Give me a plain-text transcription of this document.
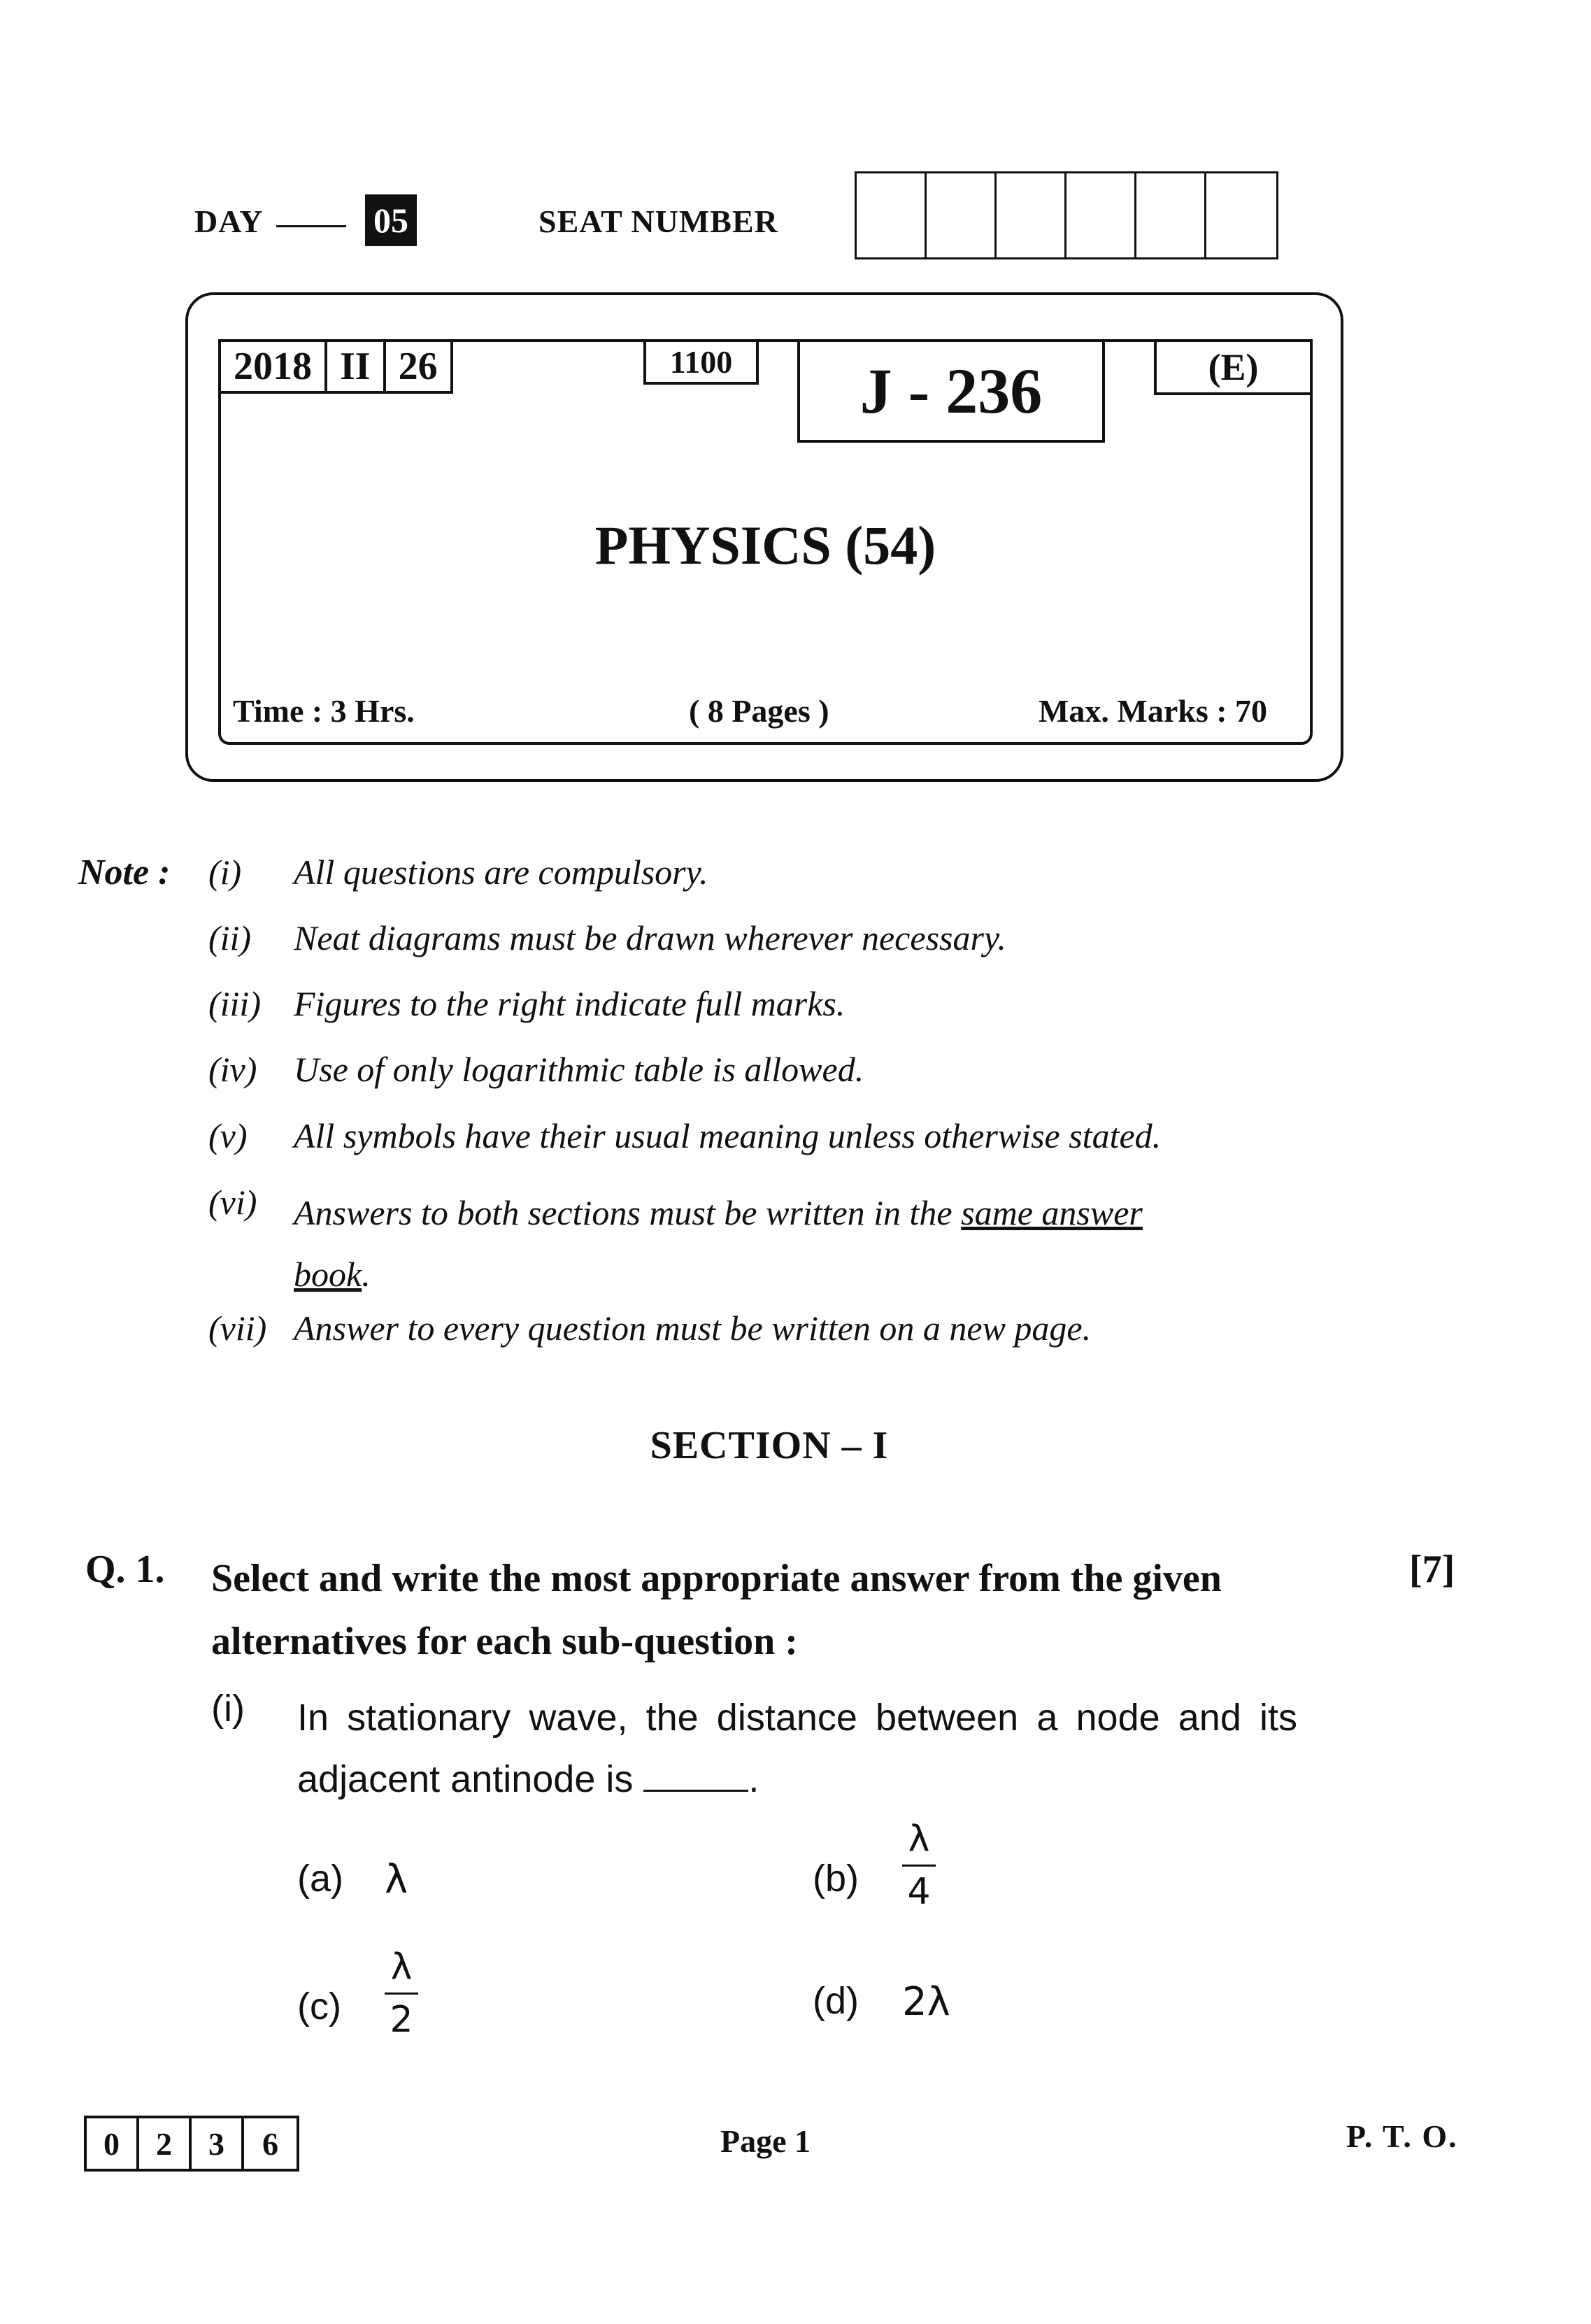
DAY	05	SEAT NUMBER
2018 II 26	1100	J - 236	(E)
PHYSICS (54)
Time : 3 Hrs.	( 8 Pages )	Max. Marks : 70
Note : (i) All questions are compulsory.
(ii) Neat diagrams must be drawn wherever necessary.
(iii) Figures to the right indicate full marks.
(iv) Use of only logarithmic table is allowed.
(v) All symbols have their usual meaning unless otherwise stated.
(vi) Answers to both sections must be written in the same answer
book.
(vii) Answer to every question must be written on a new page.
SECTION – I
Q. 1. Select and write the most appropriate answer from the given alternatives for each sub-question :
[7]
(i) In stationary wave, the distance between a node and its adjacent antinode is	.
(a) λ	(b)
λ
4
(c)
λ
2	(d) 2λ
0	2	3	6	Page 1	P. T. O.
